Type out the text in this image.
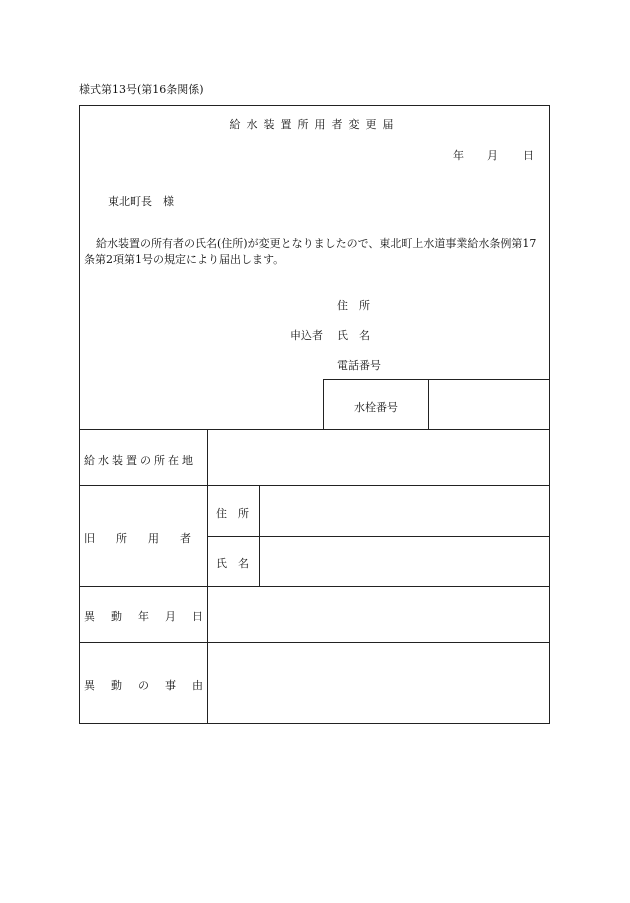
様式第13号(第16条関係)
給水装置所用者変更届
年 月 日
東北町長　様
給水装置の所有者の氏名(住所)が変更となりましたので、東北町上水道事業給水条例第17条第2項第1号の規定により届出します。
住　所
申込者 氏　名
電話番号
水栓番号
給水装置の所在地
旧所用者
住　所
氏　名
異動年月日
異動の事由
